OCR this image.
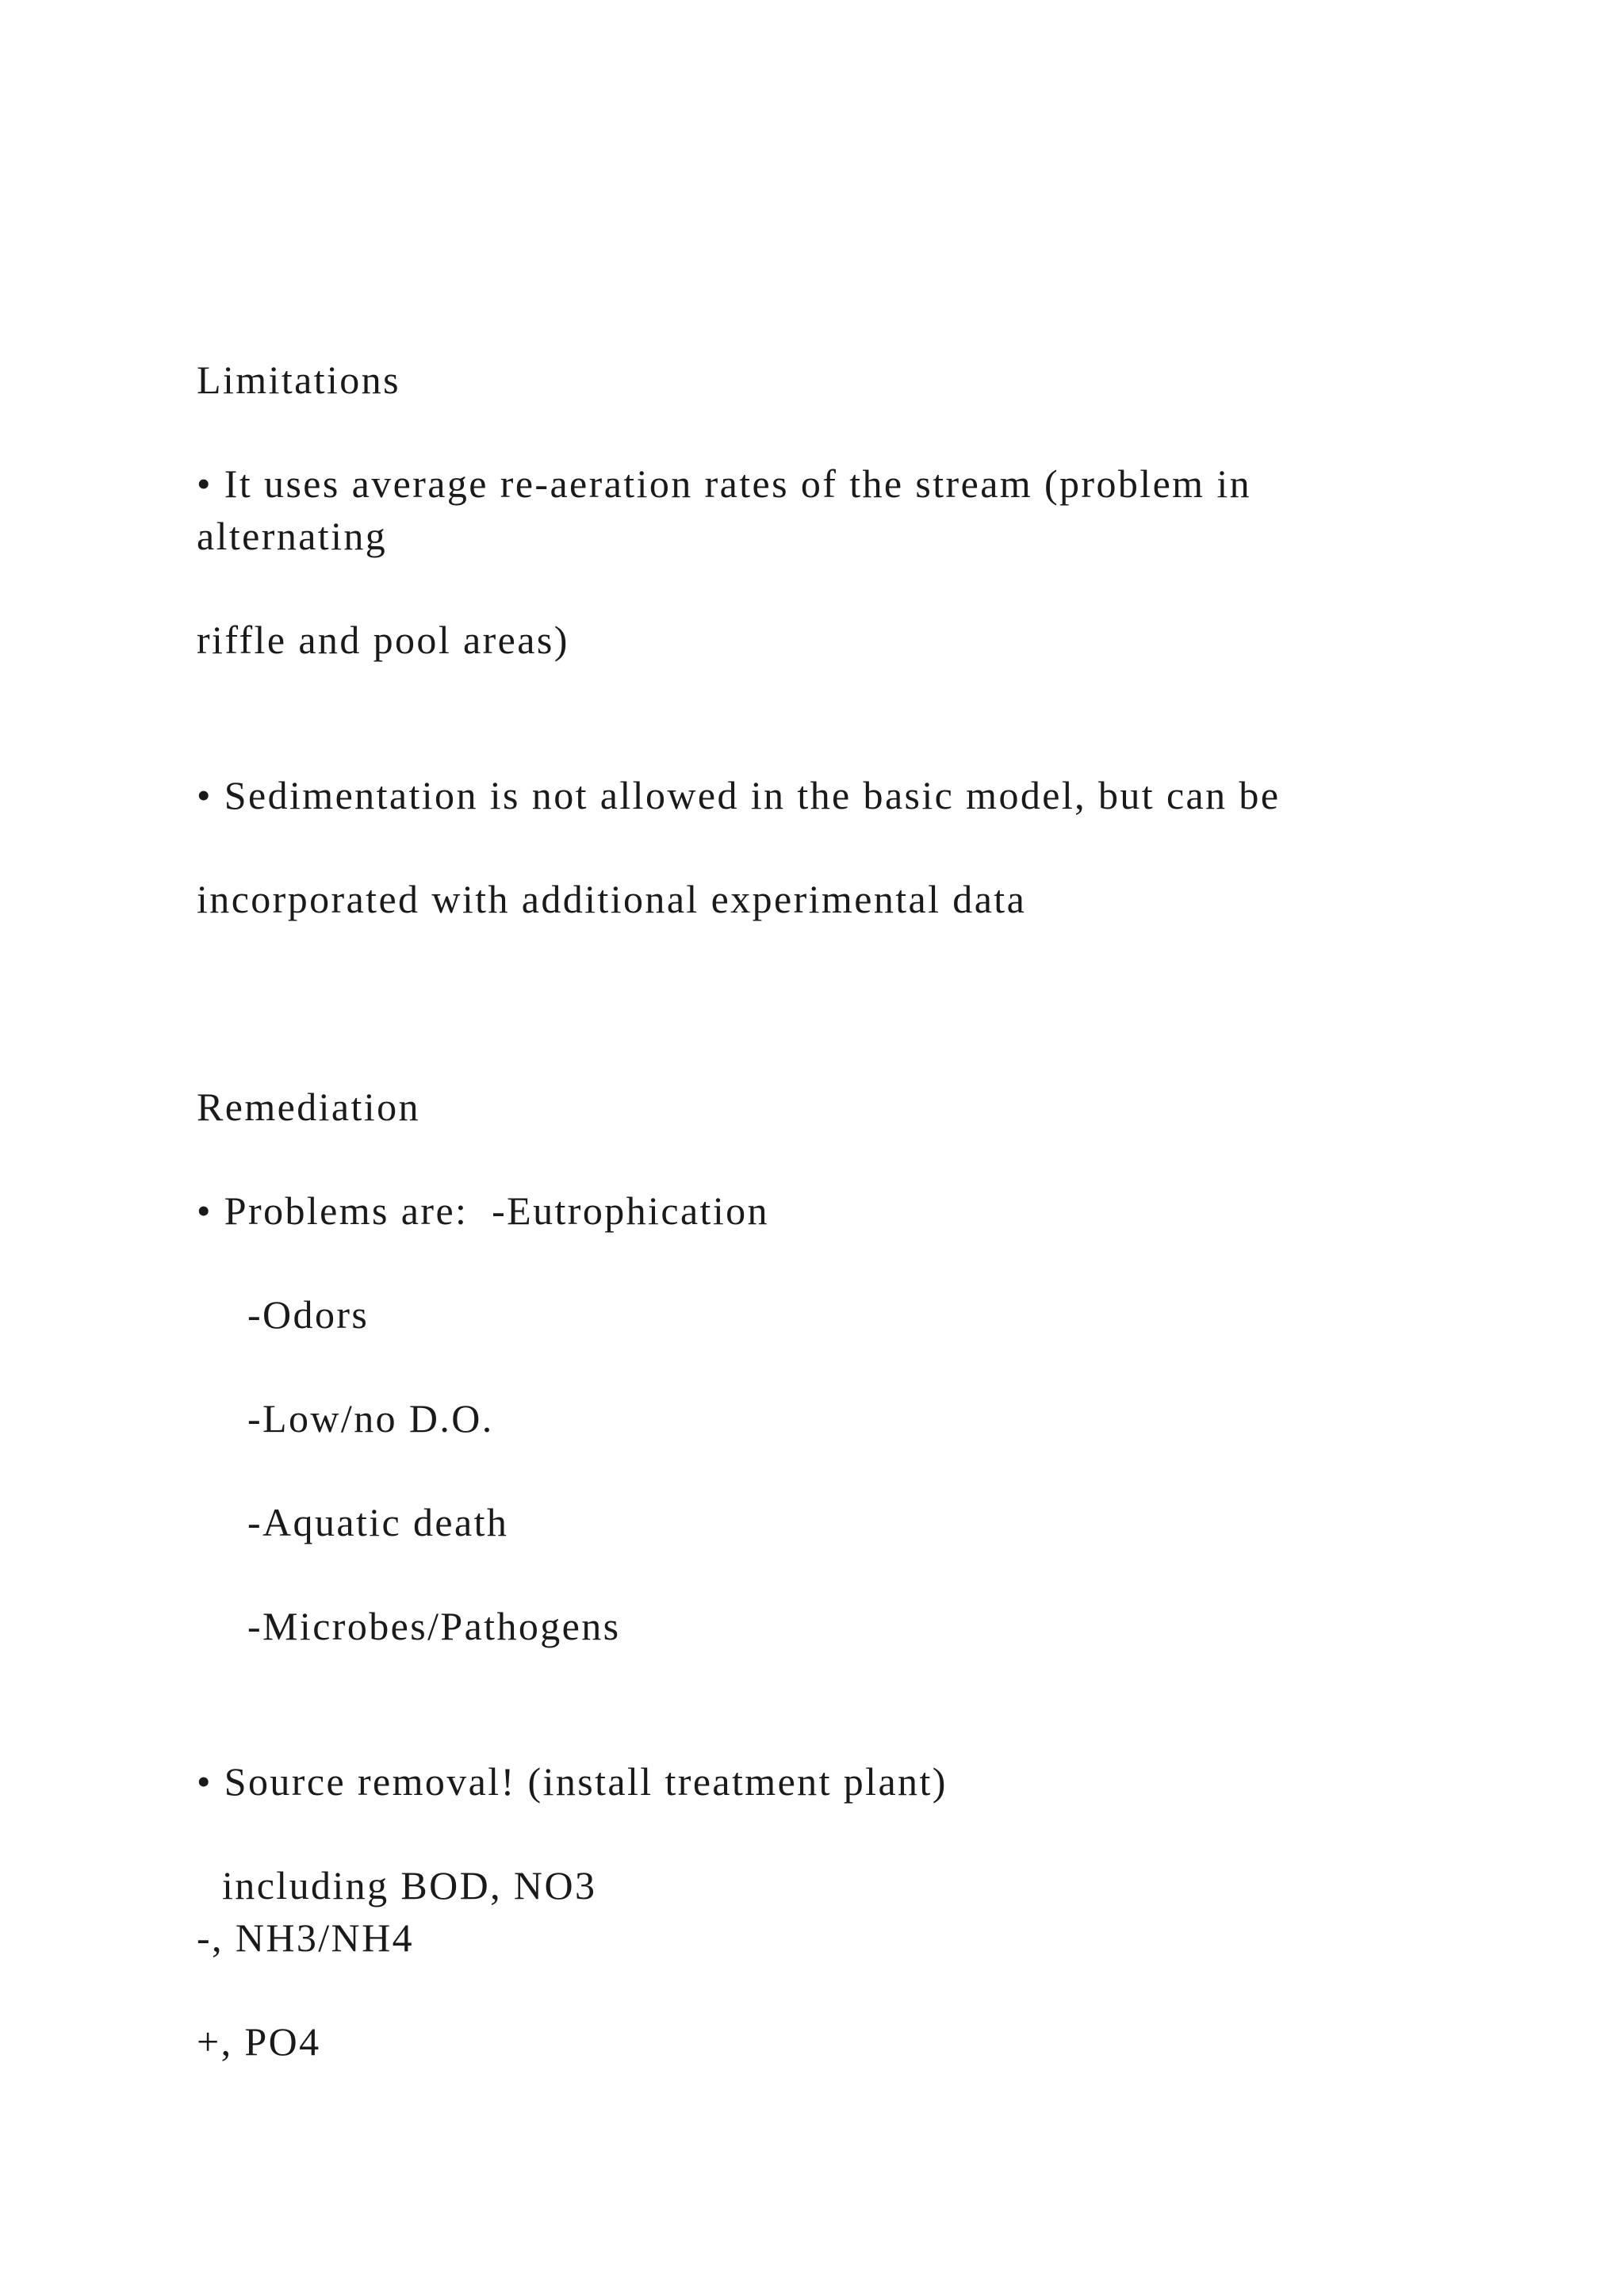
Limitations

• It uses average re-aeration rates of the stream (problem in

alternating

riffle and pool areas)

• Sedimentation is not allowed in the basic model, but can be

incorporated with additional experimental data

Remediation

• Problems are:  -Eutrophication

-Odors

-Low/no D.O.

-Aquatic death

-Microbes/Pathogens

• Source removal! (install treatment plant)

including BOD, NO3

-, NH3/NH4

+, PO4
